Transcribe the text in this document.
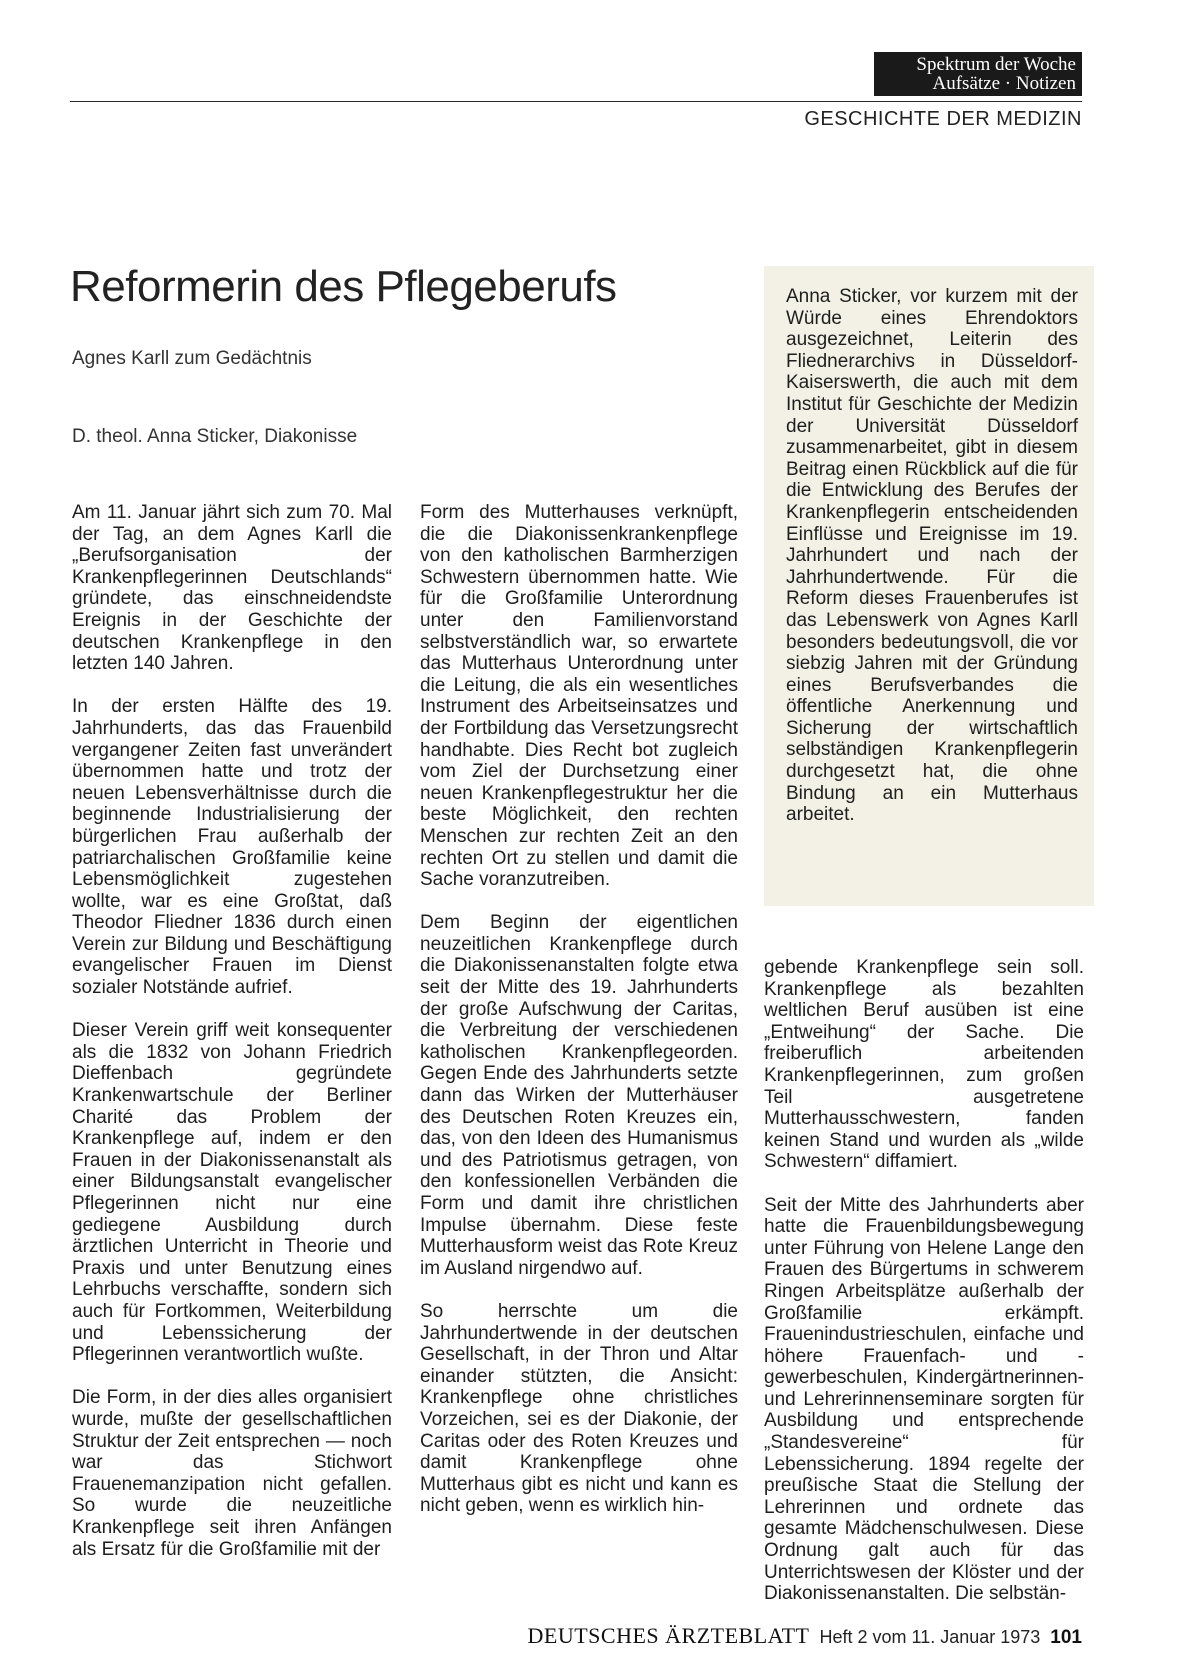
Spektrum der Woche
Aufsätze · Notizen
GESCHICHTE DER MEDIZIN
Reformerin des Pflegeberufs
Agnes Karll zum Gedächtnis
D. theol. Anna Sticker, Diakonisse

Anna Sticker, vor kurzem mit der Würde eines Ehrendoktors ausgezeichnet, Leiterin des Fliednerarchivs in Düsseldorf-Kaiserswerth, die auch mit dem Institut für Geschichte der Medizin der Universität Düsseldorf zusammenarbeitet, gibt in diesem Beitrag einen Rückblick auf die für die Entwicklung des Berufes der Krankenpflegerin entscheidenden Einflüsse und Ereignisse im 19. Jahrhundert und nach der Jahrhundertwende. Für die Reform dieses Frauenberufes ist das Lebenswerk von Agnes Karll besonders bedeutungsvoll, die vor siebzig Jahren mit der Gründung eines Berufsverbandes die öffentliche Anerkennung und Sicherung der wirtschaftlich selbständigen Krankenpflegerin durchgesetzt hat, die ohne Bindung an ein Mutterhaus arbeitet.

Am 11. Januar jährt sich zum 70. Mal der Tag, an dem Agnes Karll die „Berufsorganisation der Krankenpflegerinnen Deutschlands“ gründete, das einschneidendste Ereignis in der Geschichte der deutschen Krankenpflege in den letzten 140 Jahren.

In der ersten Hälfte des 19. Jahrhunderts, das das Frauenbild vergangener Zeiten fast unverändert übernommen hatte und trotz der neuen Lebensverhältnisse durch die beginnende Industrialisierung der bürgerlichen Frau außerhalb der patriarchalischen Großfamilie keine Lebensmöglichkeit zugestehen wollte, war es eine Großtat, daß Theodor Fliedner 1836 durch einen Verein zur Bildung und Beschäftigung evangelischer Frauen im Dienst sozialer Notstände aufrief.

Dieser Verein griff weit konsequenter als die 1832 von Johann Friedrich Dieffenbach gegründete Krankenwartschule der Berliner Charité das Problem der Krankenpflege auf, indem er den Frauen in der Diakonissenanstalt als einer Bildungsanstalt evangelischer Pflegerinnen nicht nur eine gediegene Ausbildung durch ärztlichen Unterricht in Theorie und Praxis und unter Benutzung eines Lehrbuchs verschaffte, sondern sich auch für Fortkommen, Weiterbildung und Lebenssicherung der Pflegerinnen verantwortlich wußte.

Die Form, in der dies alles organisiert wurde, mußte der gesellschaftlichen Struktur der Zeit entsprechen — noch war das Stichwort Frauenemanzipation nicht gefallen. So wurde die neuzeitliche Krankenpflege seit ihren Anfängen als Ersatz für die Großfamilie mit der

Form des Mutterhauses verknüpft, die die Diakonissenkrankenpflege von den katholischen Barmherzigen Schwestern übernommen hatte. Wie für die Großfamilie Unterordnung unter den Familienvorstand selbstverständlich war, so erwartete das Mutterhaus Unterordnung unter die Leitung, die als ein wesentliches Instrument des Arbeitseinsatzes und der Fortbildung das Versetzungsrecht handhabte. Dies Recht bot zugleich vom Ziel der Durchsetzung einer neuen Krankenpflegestruktur her die beste Möglichkeit, den rechten Menschen zur rechten Zeit an den rechten Ort zu stellen und damit die Sache voranzutreiben.

Dem Beginn der eigentlichen neuzeitlichen Krankenpflege durch die Diakonissenanstalten folgte etwa seit der Mitte des 19. Jahrhunderts der große Aufschwung der Caritas, die Verbreitung der verschiedenen katholischen Krankenpflegeorden. Gegen Ende des Jahrhunderts setzte dann das Wirken der Mutterhäuser des Deutschen Roten Kreuzes ein, das, von den Ideen des Humanismus und des Patriotismus getragen, von den konfessionellen Verbänden die Form und damit ihre christlichen Impulse übernahm. Diese feste Mutterhausform weist das Rote Kreuz im Ausland nirgendwo auf.

So herrschte um die Jahrhundertwende in der deutschen Gesellschaft, in der Thron und Altar einander stützten, die Ansicht: Krankenpflege ohne christliches Vorzeichen, sei es der Diakonie, der Caritas oder des Roten Kreuzes und damit Krankenpflege ohne Mutterhaus gibt es nicht und kann es nicht geben, wenn es wirklich hin-

gebende Krankenpflege sein soll. Krankenpflege als bezahlten weltlichen Beruf ausüben ist eine „Entweihung“ der Sache. Die freiberuflich arbeitenden Krankenpflegerinnen, zum großen Teil ausgetretene Mutterhausschwestern, fanden keinen Stand und wurden als „wilde Schwestern“ diffamiert.

Seit der Mitte des Jahrhunderts aber hatte die Frauenbildungsbewegung unter Führung von Helene Lange den Frauen des Bürgertums in schwerem Ringen Arbeitsplätze außerhalb der Großfamilie erkämpft. Frauenindustrieschulen, einfache und höhere Frauenfach- und -gewerbeschulen, Kindergärtnerinnen- und Lehrerinnenseminare sorgten für Ausbildung und entsprechende „Standesvereine“ für Lebenssicherung. 1894 regelte der preußische Staat die Stellung der Lehrerinnen und ordnete das gesamte Mädchenschulwesen. Diese Ordnung galt auch für das Unterrichtswesen der Klöster und der Diakonissenanstalten. Die selbstän-

DEUTSCHES ÄRZTEBLATT Heft 2 vom 11. Januar 1973 101
